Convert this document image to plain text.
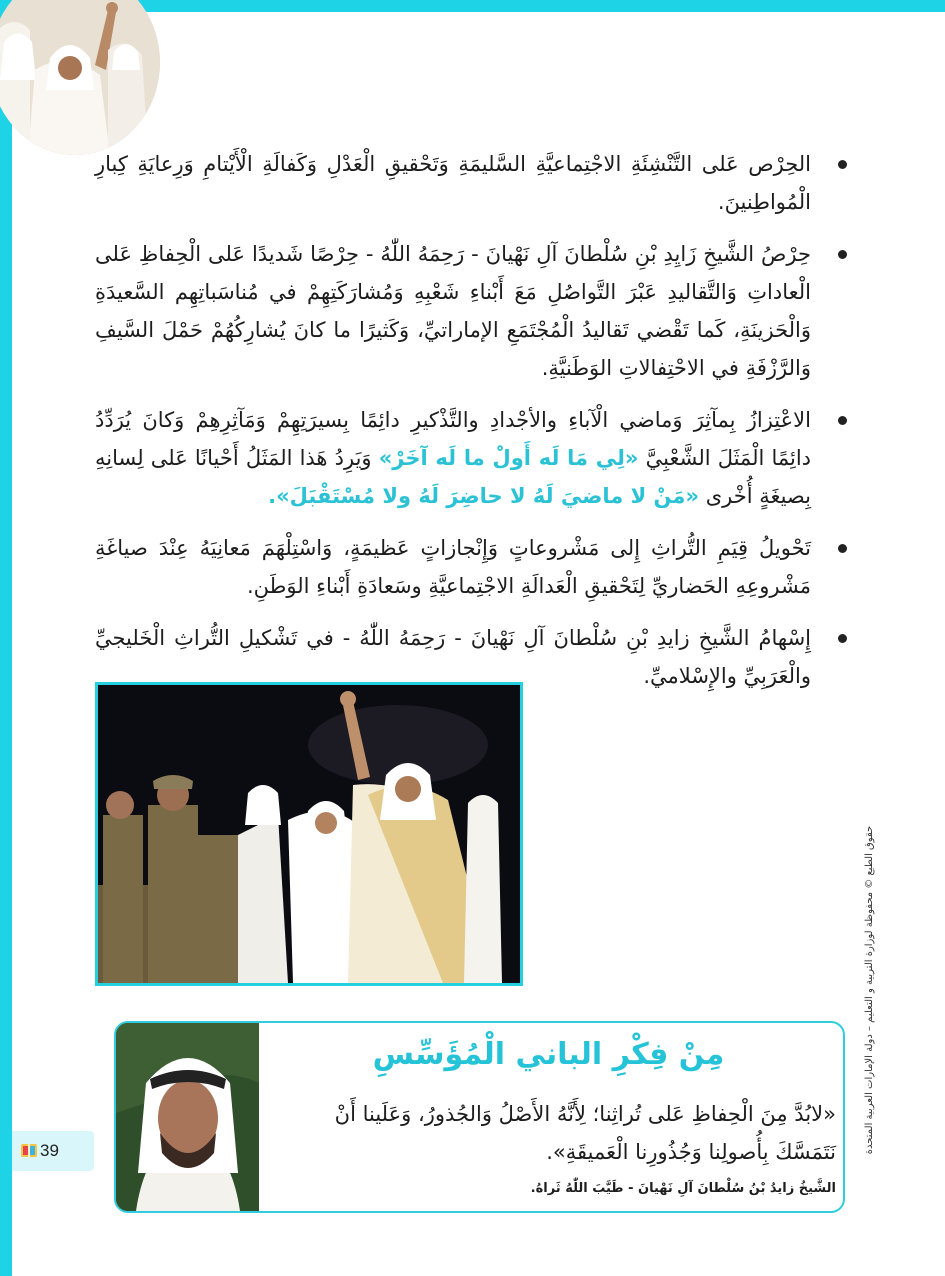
الحِرْص عَلى التَّنْشِئَةِ الاجْتِماعيَّةِ السَّليمَةِ وَتَحْقيقِ الْعَدْلِ وَكَفالَةِ الْأَيْتامِ وَرِعايَةِ كِبارِ الْمُواطِنينَ.
حِرْصُ الشَّيخِ زَايِدِ بْنِ سُلْطانَ آلِ نَهْيانَ - رَحِمَهُ اللّٰهُ - حِرْصًا شَديدًا عَلى الْحِفاظِ عَلى الْعاداتِ وَالتَّقاليدِ عَبْرَ التَّواصُلِ مَعَ أَبْناءِ شَعْبِهِ وَمُشارَكَتِهِمْ في مُناسَباتِهِم السَّعيدَةِ وَالْحَزينَةِ، كَما تَقْضي تَقاليدُ الْمُجْتَمَعِ الإماراتيِّ، وَكَثيرًا ما كانَ يُشارِكُهُمْ حَمْلَ السَّيفِ وَالرَّزْفَةِ في الاحْتِفالاتِ الوَطَنيَّةِ.
الاعْتِزازُ بِمآثِرَ وَماضي الْآباءِ والأجْدادِ والتَّذْكيرِ دائِمًا بِسيرَتِهِمْ وَمَآثِرِهِمْ وَكانَ يُرَدِّدُ دائِمًا الْمَثَلَ الشَّعْبِيَّ «لِي مَا لَه أَولْ ما لَه آخَرْ» وَيَرِدُ هَذا المَثَلُ أَحْيانًا عَلى لِسانِهِ بِصيغَةٍ أُخْرى «مَنْ لا ماضيَ لَهُ لا حاضِرَ لَهُ ولا مُسْتَقْبَلَ».
تَحْويلُ قِيَمِ التُّراثِ إِلى مَشْروعاتٍ وَإِنْجازاتٍ عَظيمَةٍ، وَاسْتِلْهَمَ مَعانِيَهُ عِنْدَ صياغَةِ مَشْروعِهِ الحَضاريِّ لِتَحْقيقِ الْعَدالَةِ الاجْتِماعيَّةِ وسَعادَةِ أَبْناءِ الوَطَنِ.
إِسْهامُ الشَّيخِ زايدِ بْنِ سُلْطانَ آلِ نَهْيانَ - رَحِمَهُ اللّٰهُ - في تَشْكيلِ التُّراثِ الْخَليجيِّ والْعَرَبِيِّ والإِسْلاميِّ.
حقوق الطبع © محفوظة لوزارة التربية و التعليم – دولة الإمارات العربية المتحدة
39
مِنْ فِكْرِ الباني الْمُؤَسِّسِ
«لابُدَّ مِنَ الْحِفاظِ عَلى تُراثِنا؛ لِأَنَّهُ الأَصْلُ وَالجُذورُ، وَعَلَينا أَنْ نَتَمَسَّكَ بِأُصولِنا وَجُذُورِنا الْعَميقَةِ».
الشَّيخُ زايدُ بْنُ سُلْطانَ آلِ نَهْيانَ - طَيَّبَ اللّٰهُ ثَراهُ.
